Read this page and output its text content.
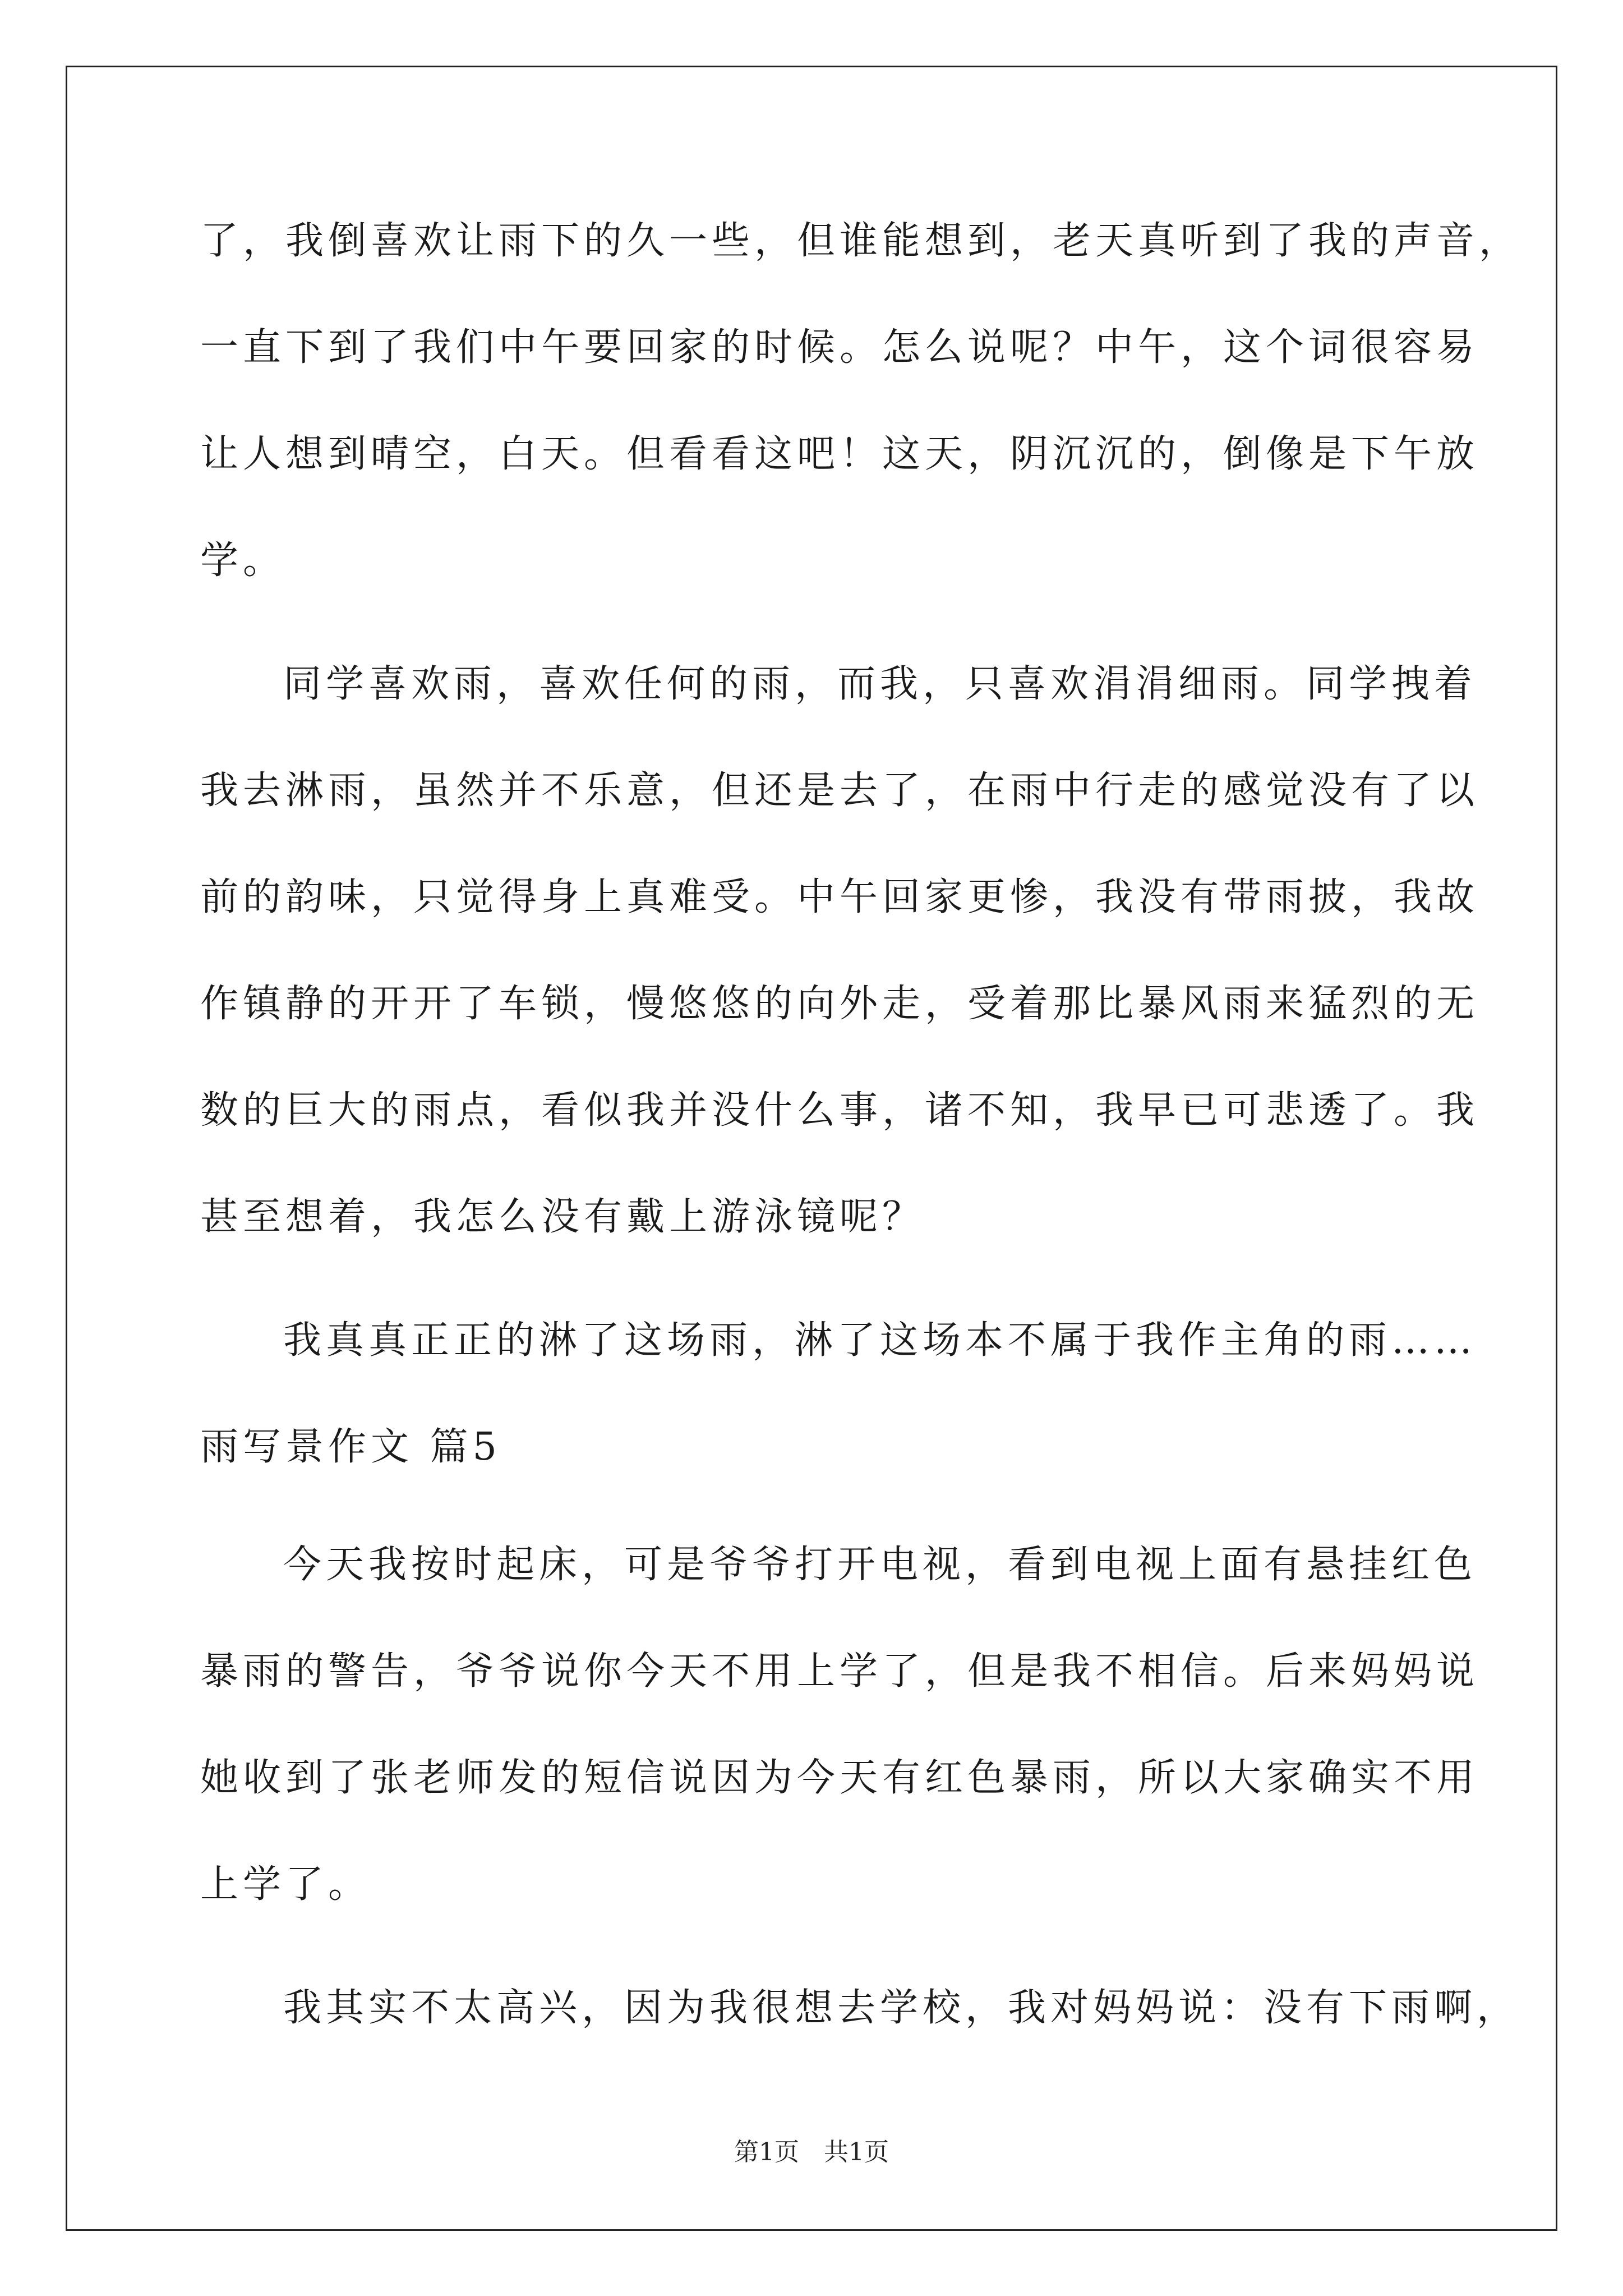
了，我倒喜欢让雨下的久一些，但谁能想到，老天真听到了我的声音，
一直下到了我们中午要回家的时候。怎么说呢？中午，这个词很容易
让人想到晴空，白天。但看看这吧！这天，阴沉沉的，倒像是下午放
学。
同学喜欢雨，喜欢任何的雨，而我，只喜欢涓涓细雨。同学拽着
我去淋雨，虽然并不乐意，但还是去了，在雨中行走的感觉没有了以
前的韵味，只觉得身上真难受。中午回家更惨，我没有带雨披，我故
作镇静的开开了车锁，慢悠悠的向外走，受着那比暴风雨来猛烈的无
数的巨大的雨点，看似我并没什么事，诸不知，我早已可悲透了。我
甚至想着，我怎么没有戴上游泳镜呢？
我真真正正的淋了这场雨，淋了这场本不属于我作主角的雨……
雨写景作文 篇5
今天我按时起床，可是爷爷打开电视，看到电视上面有悬挂红色
暴雨的警告，爷爷说你今天不用上学了，但是我不相信。后来妈妈说
她收到了张老师发的短信说因为今天有红色暴雨，所以大家确实不用
上学了。
我其实不太高兴，因为我很想去学校，我对妈妈说：没有下雨啊，
第1页　共1页
